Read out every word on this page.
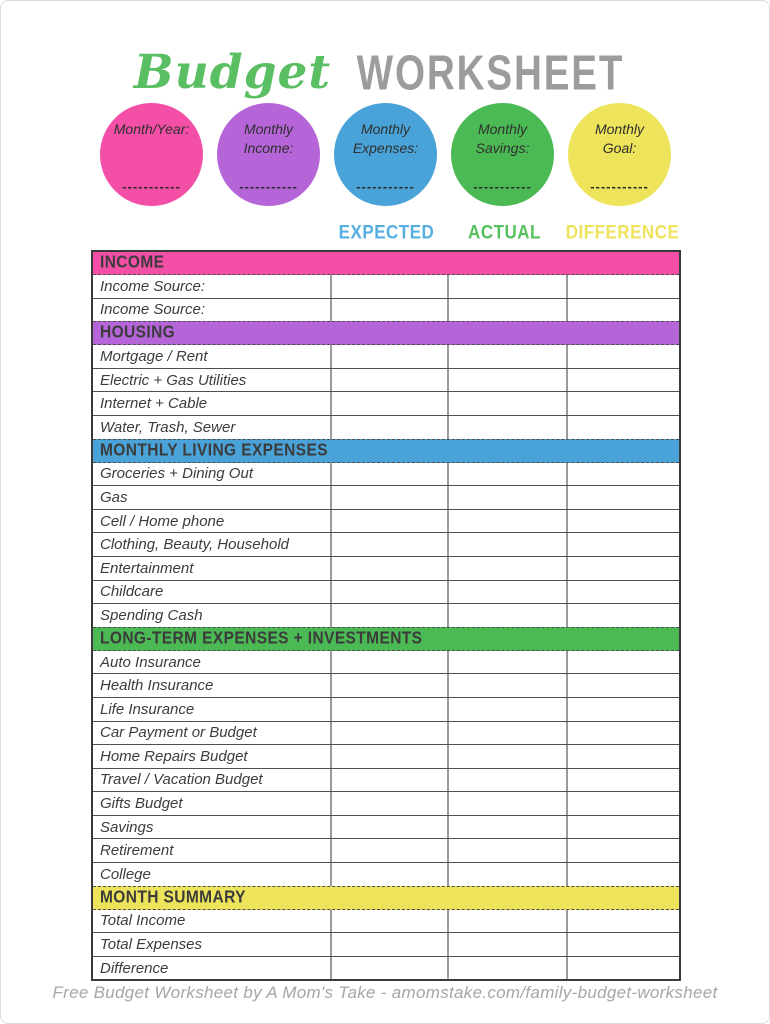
Budget WORKSHEET
Month/Year:
-----------
Monthly Income:
-----------
Monthly Expenses:
-----------
Monthly Savings:
-----------
Monthly Goal:
-----------
EXPECTED	ACTUAL	DIFFERENCE
INCOME
Income Source:
Income Source:
HOUSING
Mortgage / Rent
Electric + Gas Utilities
Internet + Cable
Water, Trash, Sewer
MONTHLY LIVING EXPENSES
Groceries + Dining Out
Gas
Cell / Home phone
Clothing, Beauty, Household
Entertainment
Childcare
Spending Cash
LONG-TERM EXPENSES + INVESTMENTS
Auto Insurance
Health Insurance
Life Insurance
Car Payment or Budget
Home Repairs Budget
Travel / Vacation Budget
Gifts Budget
Savings
Retirement
College
MONTH SUMMARY
Total Income
Total Expenses
Difference
Free Budget Worksheet by A Mom's Take - amomstake.com/family-budget-worksheet
